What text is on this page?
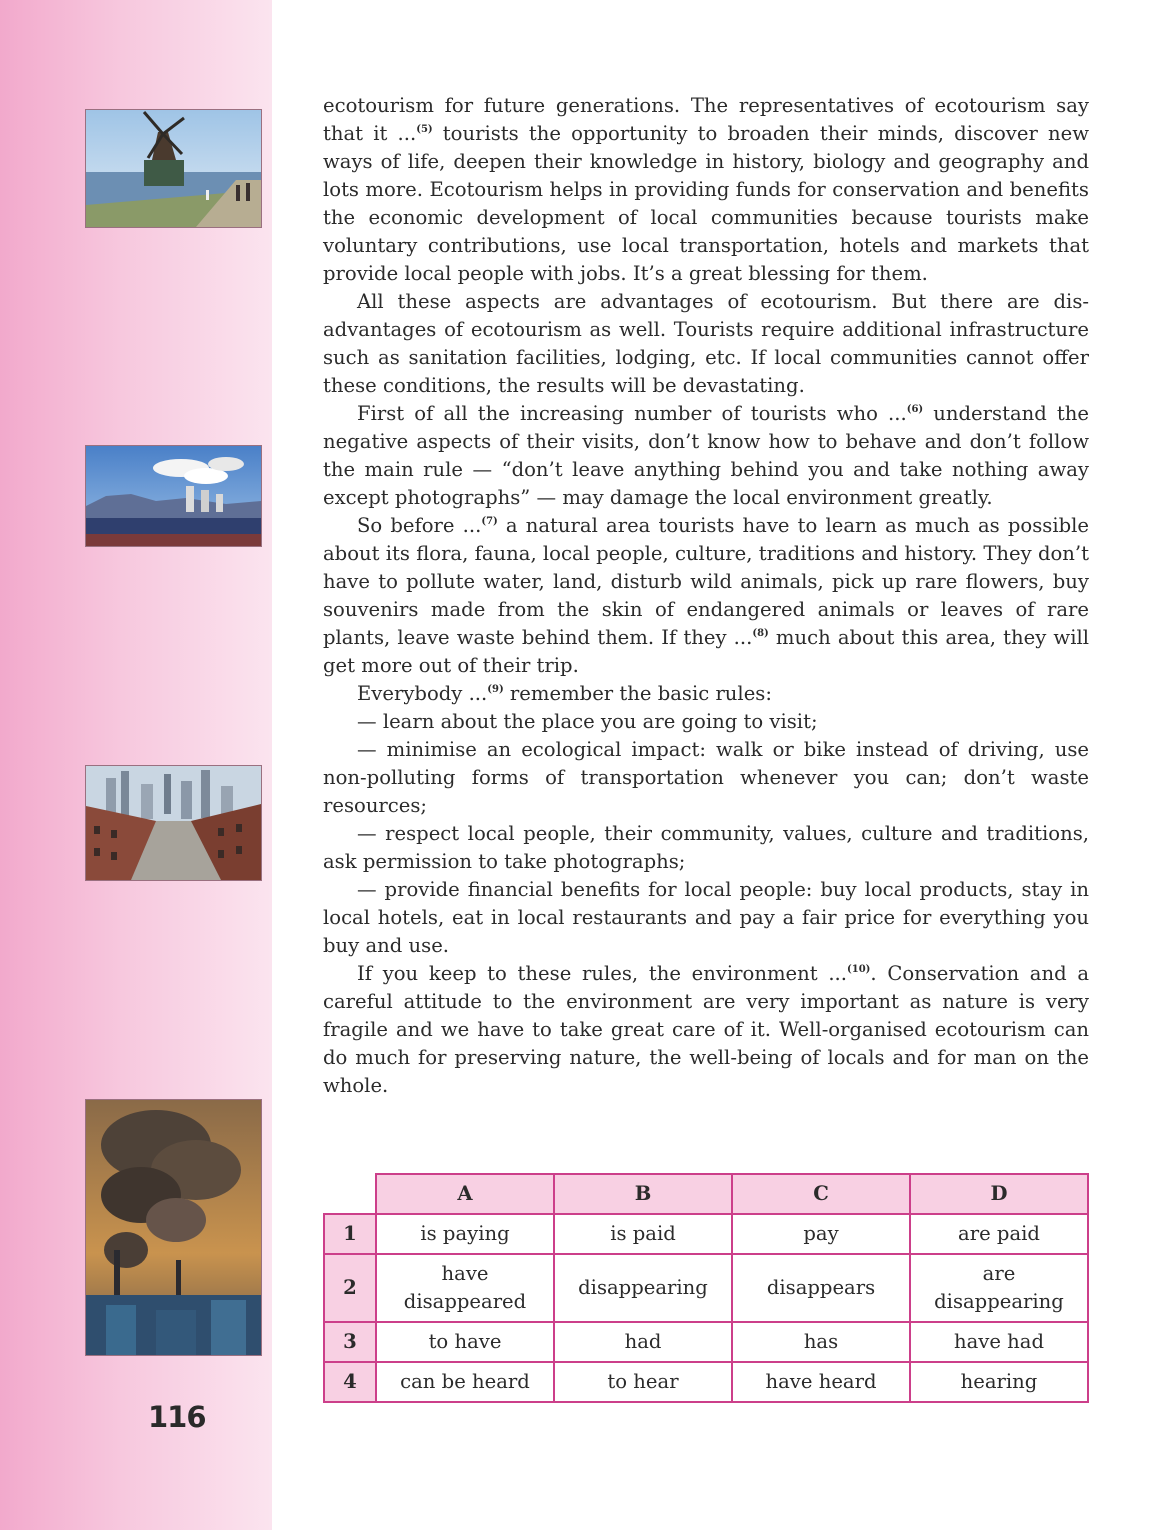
116

ecotourism for future generations. The representatives of ecotourism say that it ...$^{(5)}$ tourists the opportunity to broaden their minds, discover new ways of life, deepen their knowledge in history, biology and geography and lots more. Ecotourism helps in providing funds for conservation and benefits the economic development of local communities because tourists make voluntary contributions, use local transportation, hotels and markets that provide local people with jobs. It’s a great blessing for them.

All these aspects are advantages of ecotourism. But there are disadvantages of ecotourism as well. Tourists require additional infrastructure such as sanitation facilities, lodging, etc. If local communities cannot offer these conditions, the results will be devastating.

First of all the increasing number of tourists who ...$^{(6)}$ understand the negative aspects of their visits, don’t know how to behave and don’t follow the main rule — “don’t leave anything behind you and take nothing away except photographs” — may damage the local environment greatly.

So before ...$^{(7)}$ a natural area tourists have to learn as much as possible about its flora, fauna, local people, culture, traditions and history. They don’t have to pollute water, land, disturb wild animals, pick up rare flowers, buy souvenirs made from the skin of endangered animals or leaves of rare plants, leave waste behind them. If they ...$^{(8)}$ much about this area, they will get more out of their trip.

Everybody ...$^{(9)}$ remember the basic rules:

— learn about the place you are going to visit;

— minimise an ecological impact: walk or bike instead of driving, use non-polluting forms of transportation whenever you can; don’t waste resources;

— respect local people, their community, values, culture and traditions, ask permission to take photographs;

— provide financial benefits for local people: buy local products, stay in local hotels, eat in local restaurants and pay a fair price for everything you buy and use.

If you keep to these rules, the environment ...$^{(10)}$. Conservation and a careful attitude to the environment are very important as nature is very fragile and we have to take great care of it. Well-organised ecotourism can do much for preserving nature, the well-being of locals and for man on the whole.

	A	B	C	D
1	is paying	is paid	pay	are paid
2	have disappeared	disappearing	disappears	are disappearing
3	to have	had	has	have had
4	can be heard	to hear	have heard	hearing
